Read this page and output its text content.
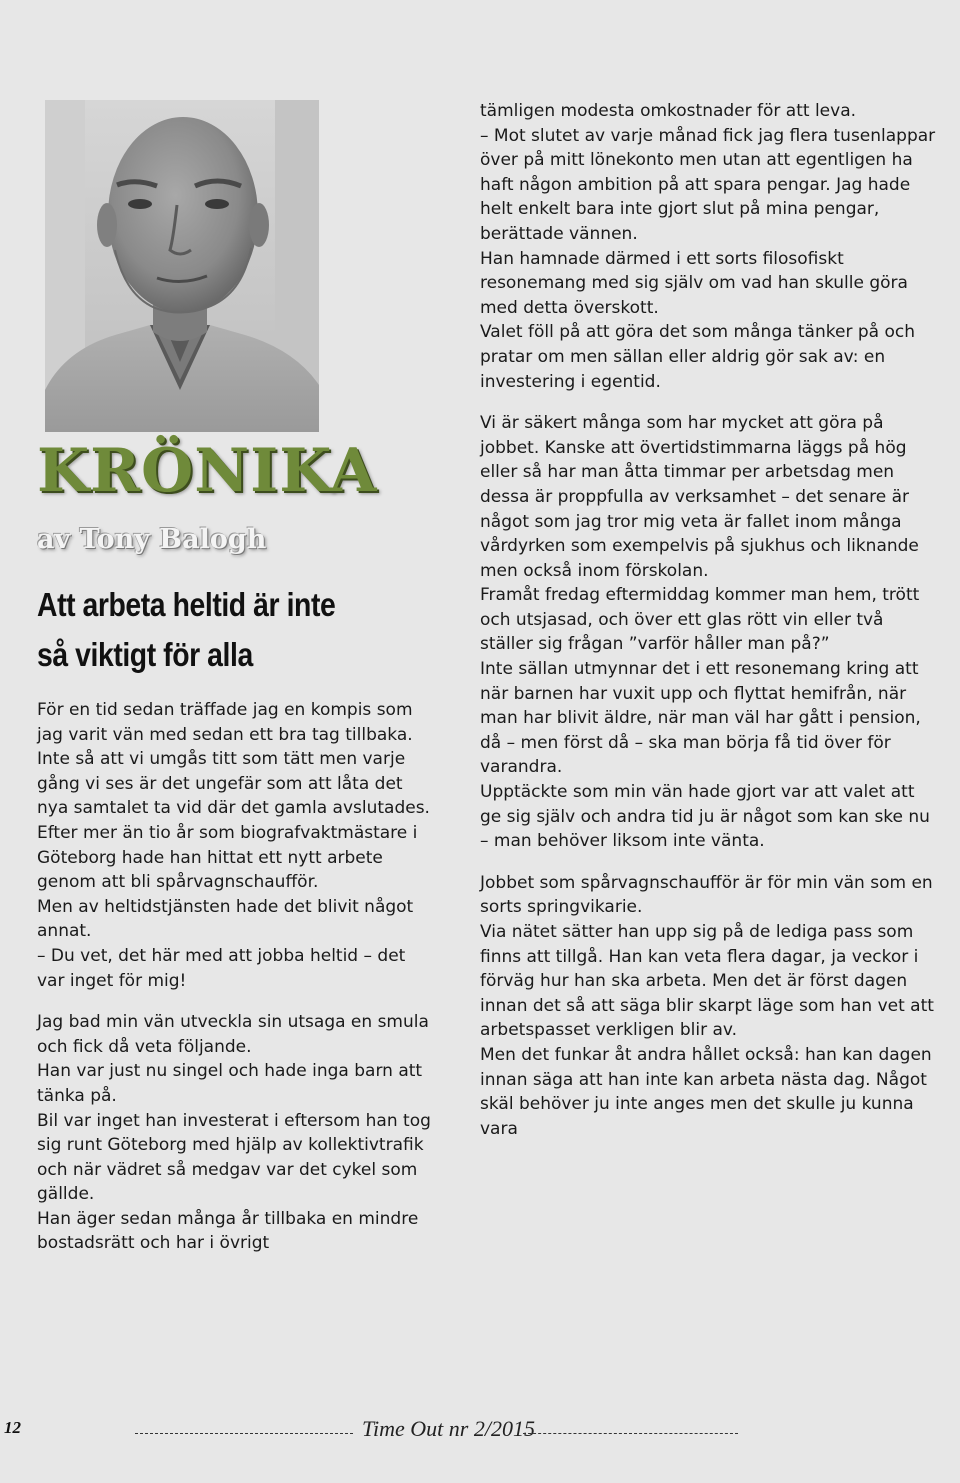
KRÖNIKA
av Tony Balogh
Att arbeta heltid är inte
så viktigt för alla

För en tid sedan träffade jag en kompis som jag varit vän med sedan ett bra tag tillbaka.

Inte så att vi umgås titt som tätt men varje gång vi ses är det ungefär som att låta det nya samtalet ta vid där det gamla avslutades.

Efter mer än tio år som biografvaktmästare i Göteborg hade han hittat ett nytt arbete genom att bli spårvagnschaufför.

Men av heltidstjänsten hade det blivit något annat.

– Du vet, det här med att jobba heltid – det var inget för mig!

Jag bad min vän utveckla sin utsaga en smula och fick då veta följande.

Han var just nu singel och hade inga barn att tänka på.

Bil var inget han investerat i eftersom han tog sig runt Göteborg med hjälp av kollektivtrafik och när vädret så medgav var det cykel som gällde.

Han äger sedan många år tillbaka en mindre bostadsrätt och har i övrigt

tämligen modesta omkostnader för att leva.

– Mot slutet av varje månad fick jag flera tusenlappar över på mitt lönekonto men utan att egentligen ha haft någon ambition på att spara pengar. Jag hade helt enkelt bara inte gjort slut på mina pengar, berättade vännen.

Han hamnade därmed i ett sorts filosofiskt resonemang med sig själv om vad han skulle göra med detta överskott.

Valet föll på att göra det som många tänker på och pratar om men sällan eller aldrig gör sak av: en investering i egentid.

Vi är säkert många som har mycket att göra på jobbet. Kanske att övertidstimmarna läggs på hög eller så har man åtta timmar per arbetsdag men dessa är proppfulla av verksamhet – det senare är något som jag tror mig veta är fallet inom många vårdyrken som exempelvis på sjukhus och liknande men också inom förskolan.

Framåt fredag eftermiddag kommer man hem, trött och utsjasad, och över ett glas rött vin eller två ställer sig frågan ”varför håller man på?”

Inte sällan utmynnar det i ett resonemang kring att när barnen har vuxit upp och flyttat hemifrån, när man har blivit äldre, när man väl har gått i pension, då – men först då – ska man börja få tid över för varandra.

Upptäckte som min vän hade gjort var att valet att ge sig själv och andra tid ju är något som kan ske nu – man behöver liksom inte vänta.

Jobbet som spårvagnschaufför är för min vän som en sorts springvikarie.

Via nätet sätter han upp sig på de lediga pass som finns att tillgå. Han kan veta flera dagar, ja veckor i förväg hur han ska arbeta. Men det är först dagen innan det så att säga blir skarpt läge som han vet att arbetspasset verkligen blir av.

Men det funkar åt andra hållet också: han kan dagen innan säga att han inte kan arbeta nästa dag. Något skäl behöver ju inte anges men det skulle ju kunna vara

12	Time Out nr 2/2015
